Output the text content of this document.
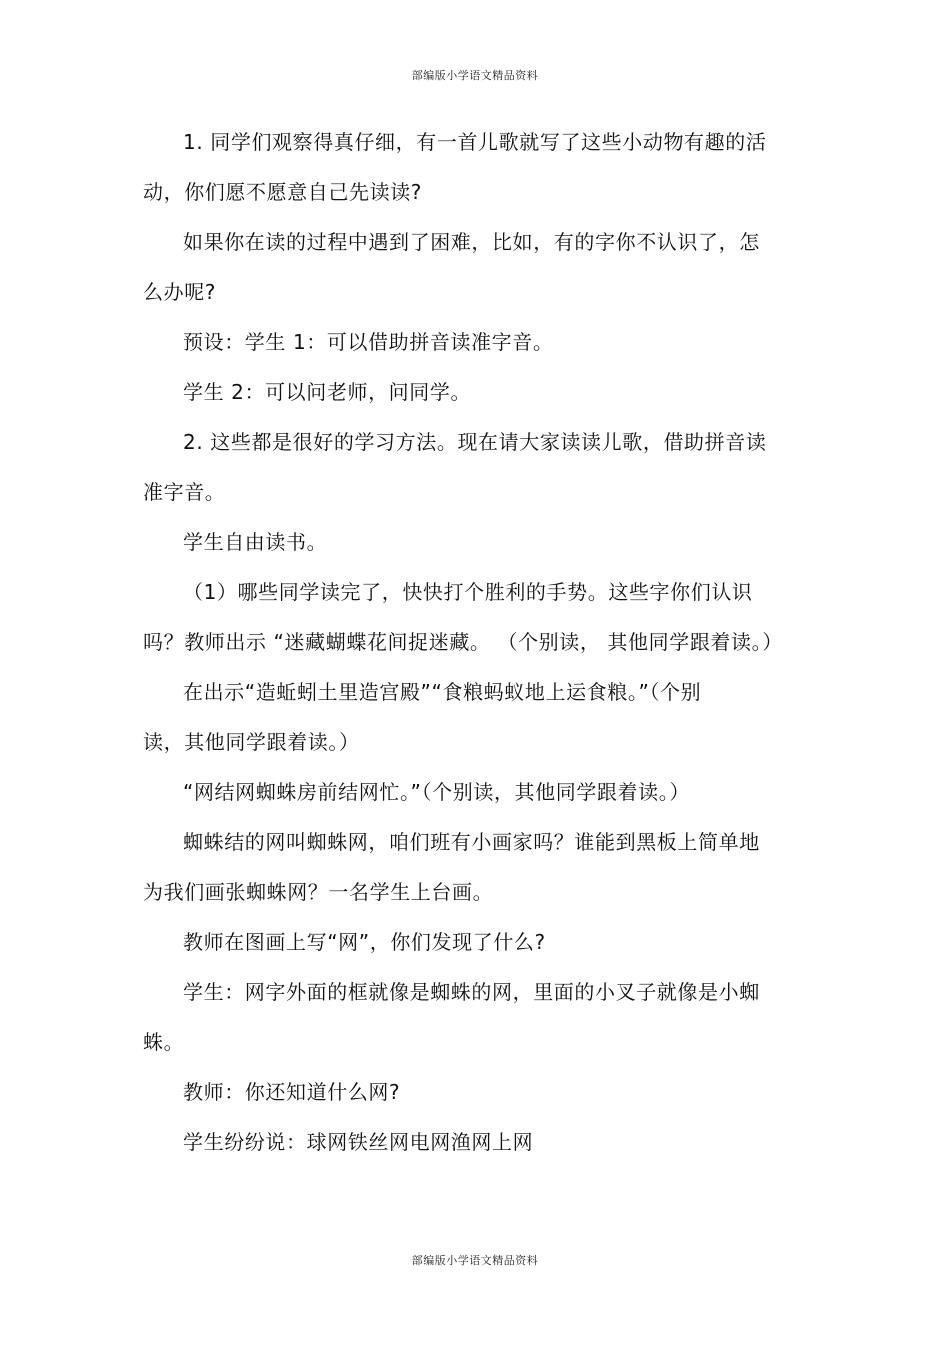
部编版小学语文精品资料
1. 同学们观察得真仔细，有一首儿歌就写了这些小动物有趣的活
动，你们愿不愿意自己先读读?
如果你在读的过程中遇到了困难，比如，有的字你不认识了，怎
么办呢?
预设：学生 1：可以借助拼音读准字音。
学生 2：可以问老师，问同学。
2. 这些都是很好的学习方法。现在请大家读读儿歌，借助拼音读
准字音。
学生自由读书。
（1）哪些同学读完了，快快打个胜利的手势。这些字你们认识
吗？教师出示 “迷藏蝴蝶花间捉迷藏。 （个别读， 其他同学跟着读。）
在出示“造蚯蚓土里造宫殿”“食粮蚂蚁地上运食粮。”（个别
读，其他同学跟着读。）
“网结网蜘蛛房前结网忙。”（个别读，其他同学跟着读。）
蜘蛛结的网叫蜘蛛网，咱们班有小画家吗？谁能到黑板上简单地
为我们画张蜘蛛网？一名学生上台画。
教师在图画上写“网”，你们发现了什么?
学生：网字外面的框就像是蜘蛛的网，里面的小叉子就像是小蜘
蛛。
教师：你还知道什么网?
学生纷纷说：球网铁丝网电网渔网上网
部编版小学语文精品资料
